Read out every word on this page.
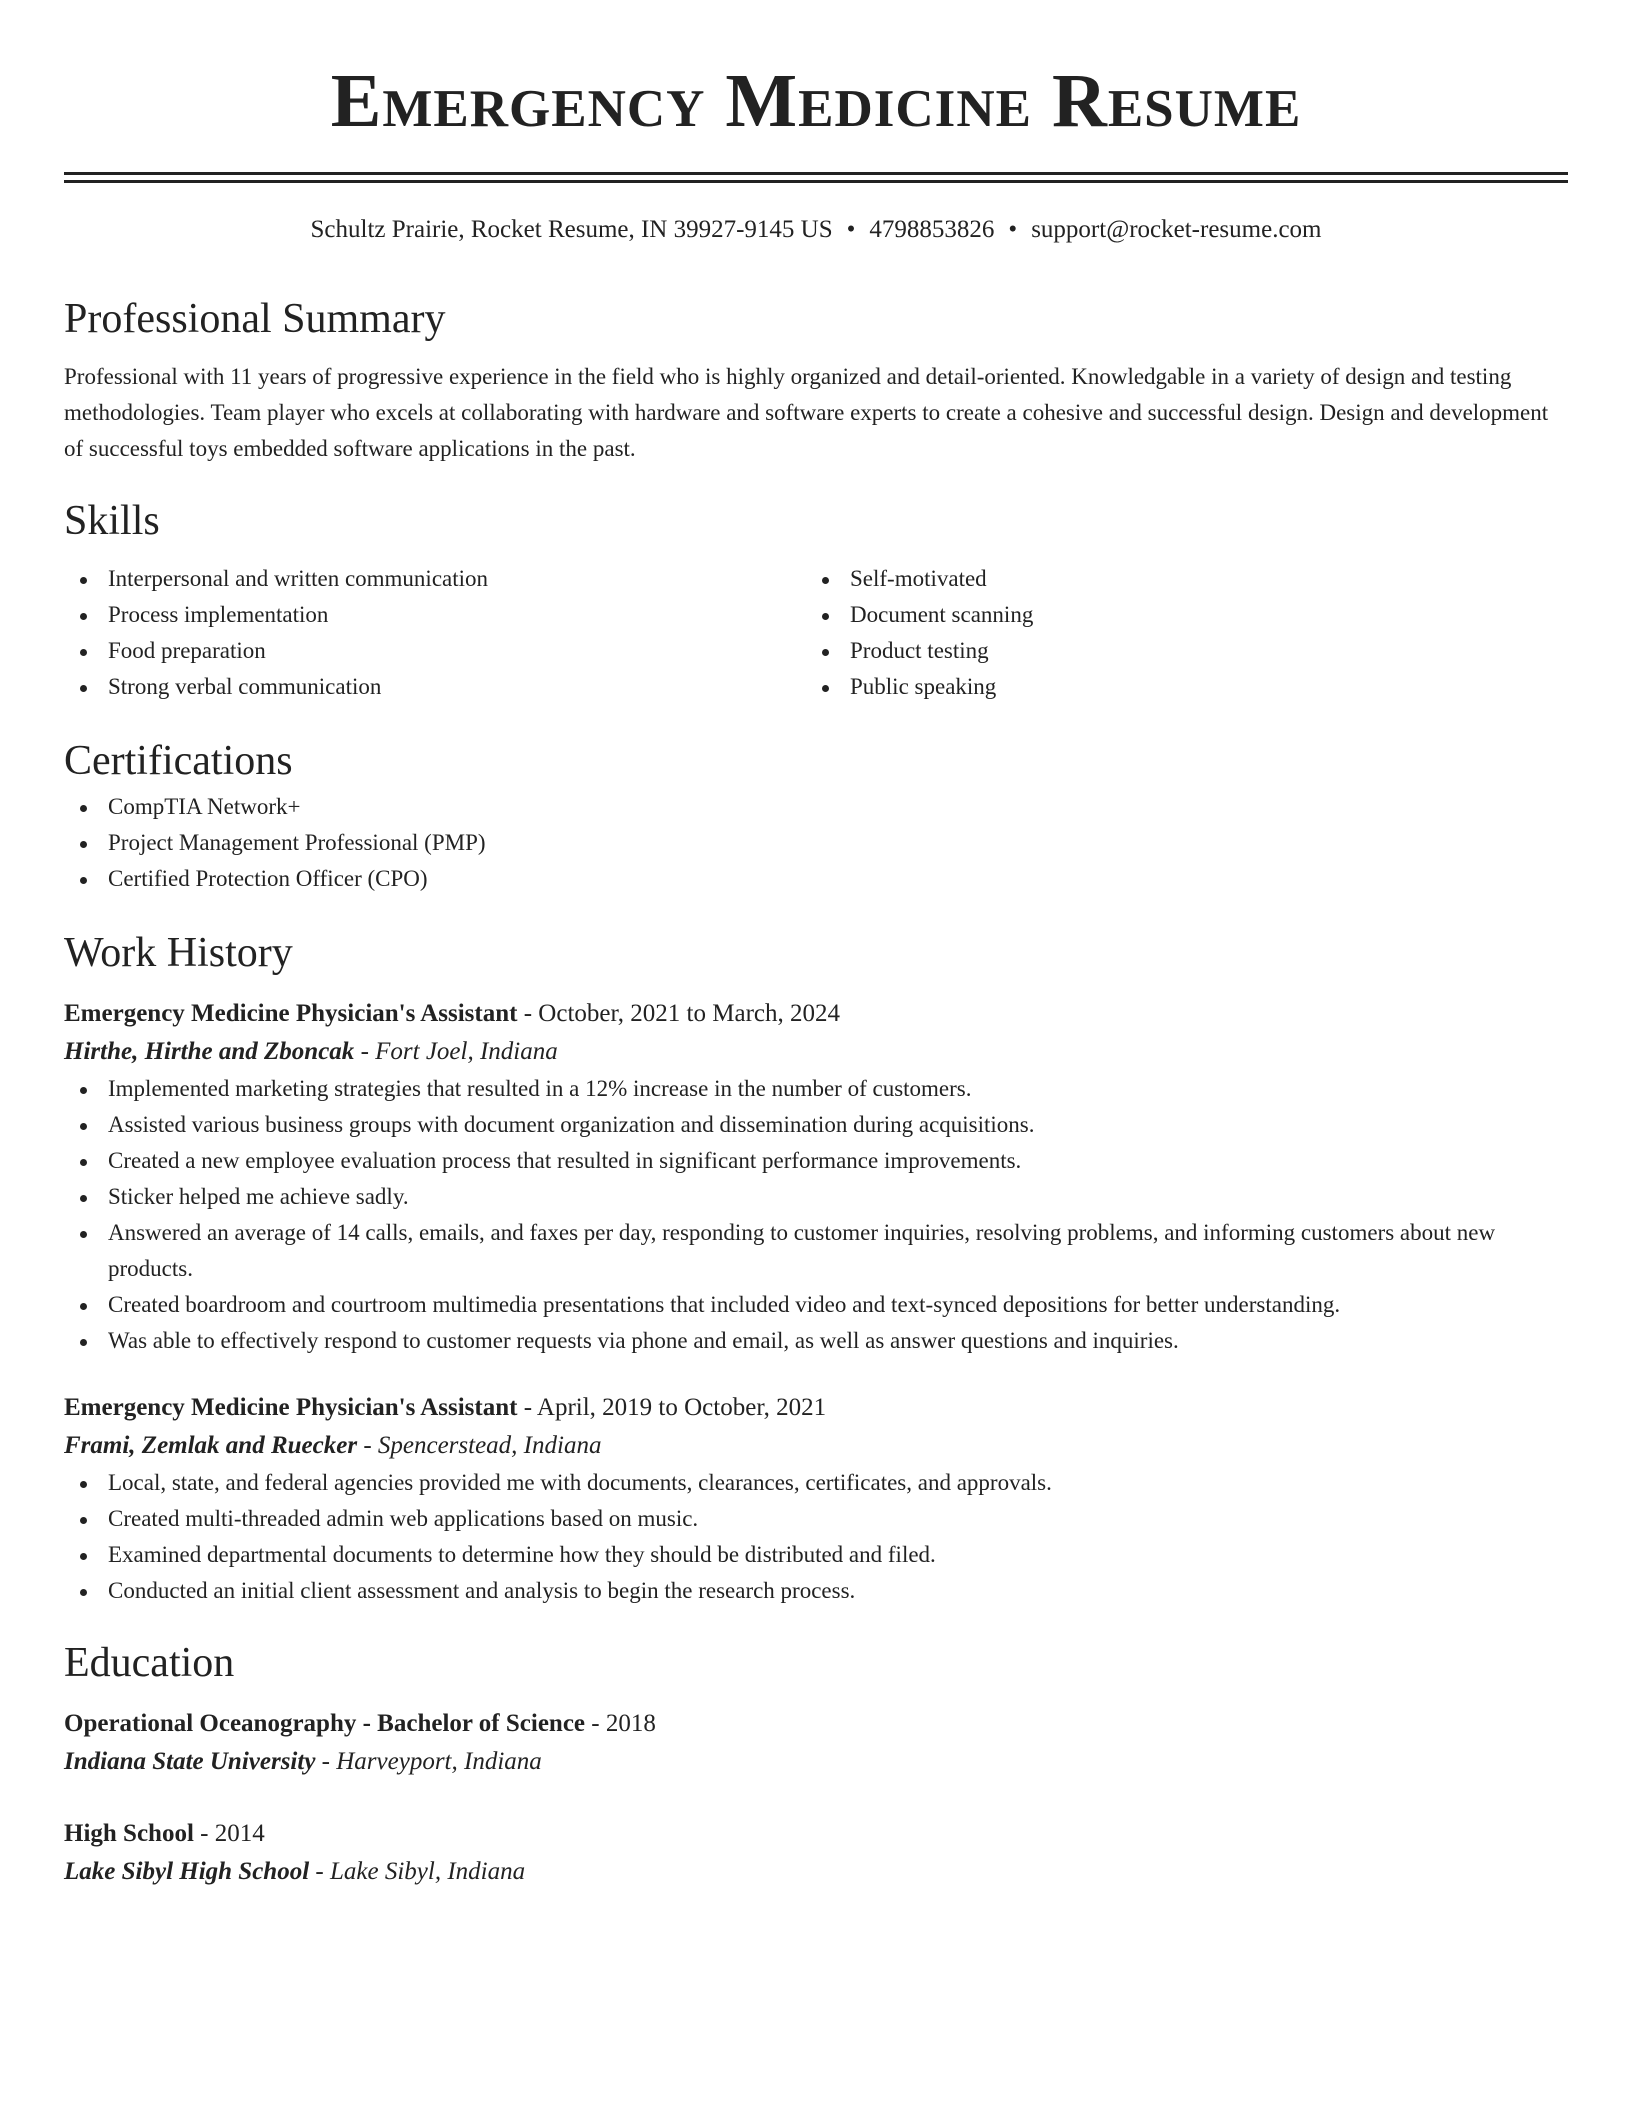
Emergency Medicine Resume
Schultz Prairie, Rocket Resume, IN 39927-9145 US • 4798853826 • support@rocket-resume.com
Professional Summary

Professional with 11 years of progressive experience in the field who is highly organized and detail-oriented. Knowledgable in a variety of design and testing methodologies. Team player who excels at collaborating with hardware and software experts to create a cohesive and successful design. Design and development of successful toys embedded software applications in the past.

Skills
Interpersonal and written communication
Process implementation
Food preparation
Strong verbal communication
Self-motivated
Document scanning
Product testing
Public speaking
Certifications
CompTIA Network+
Project Management Professional (PMP)
Certified Protection Officer (CPO)
Work History
Emergency Medicine Physician's Assistant - October, 2021 to March, 2024
Hirthe, Hirthe and Zboncak - Fort Joel, Indiana
Implemented marketing strategies that resulted in a 12% increase in the number of customers.
Assisted various business groups with document organization and dissemination during acquisitions.
Created a new employee evaluation process that resulted in significant performance improvements.
Sticker helped me achieve sadly.
Answered an average of 14 calls, emails, and faxes per day, responding to customer inquiries, resolving problems, and informing customers about new products.
Created boardroom and courtroom multimedia presentations that included video and text-synced depositions for better understanding.
Was able to effectively respond to customer requests via phone and email, as well as answer questions and inquiries.
Emergency Medicine Physician's Assistant - April, 2019 to October, 2021
Frami, Zemlak and Ruecker - Spencerstead, Indiana
Local, state, and federal agencies provided me with documents, clearances, certificates, and approvals.
Created multi-threaded admin web applications based on music.
Examined departmental documents to determine how they should be distributed and filed.
Conducted an initial client assessment and analysis to begin the research process.
Education
Operational Oceanography - Bachelor of Science - 2018
Indiana State University - Harveyport, Indiana
High School - 2014
Lake Sibyl High School - Lake Sibyl, Indiana
